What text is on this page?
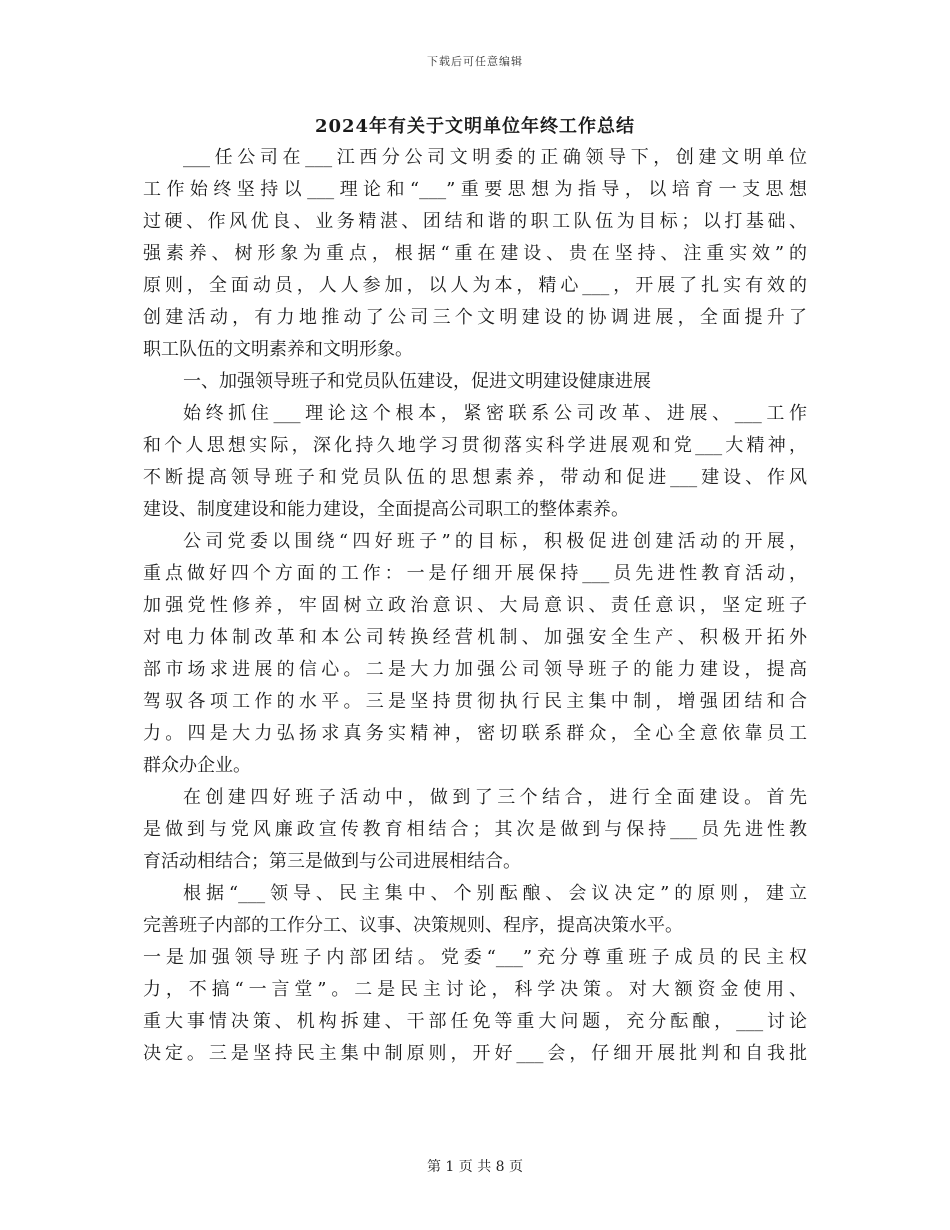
下载后可任意编辑
2024年有关于文明单位年终工作总结
___任公司在___江西分公司文明委的正确领导下，创建文明单位
工作始终坚持以___理论和“___”重要思想为指导，以培育一支思想
过硬、作风优良、业务精湛、团结和谐的职工队伍为目标；以打基础、
强素养、树形象为重点，根据“重在建设、贵在坚持、注重实效”的
原则，全面动员，人人参加，以人为本，精心___，开展了扎实有效的
创建活动，有力地推动了公司三个文明建设的协调进展，全面提升了
职工队伍的文明素养和文明形象。
一、加强领导班子和党员队伍建设，促进文明建设健康进展
始终抓住___理论这个根本，紧密联系公司改革、进展、___工作
和个人思想实际，深化持久地学习贯彻落实科学进展观和党___大精神，
不断提高领导班子和党员队伍的思想素养，带动和促进___建设、作风
建设、制度建设和能力建设，全面提高公司职工的整体素养。
公司党委以围绕“四好班子”的目标，积极促进创建活动的开展，
重点做好四个方面的工作：一是仔细开展保持___员先进性教育活动，
加强党性修养，牢固树立政治意识、大局意识、责任意识，坚定班子
对电力体制改革和本公司转换经营机制、加强安全生产、积极开拓外
部市场求进展的信心。二是大力加强公司领导班子的能力建设，提高
驾驭各项工作的水平。三是坚持贯彻执行民主集中制，增强团结和合
力。四是大力弘扬求真务实精神，密切联系群众，全心全意依靠员工
群众办企业。
在创建四好班子活动中，做到了三个结合，进行全面建设。首先
是做到与党风廉政宣传教育相结合；其次是做到与保持___员先进性教
育活动相结合；第三是做到与公司进展相结合。
根据“___领导、民主集中、个别酝酿、会议决定”的原则，建立
完善班子内部的工作分工、议事、决策规则、程序，提高决策水平。
一是加强领导班子内部团结。党委“___”充分尊重班子成员的民主权
力，不搞“一言堂”。二是民主讨论，科学决策。对大额资金使用、
重大事情决策、机构拆建、干部任免等重大问题，充分酝酿，___讨论
决定。三是坚持民主集中制原则，开好___会，仔细开展批判和自我批
第 1 页 共 8 页
